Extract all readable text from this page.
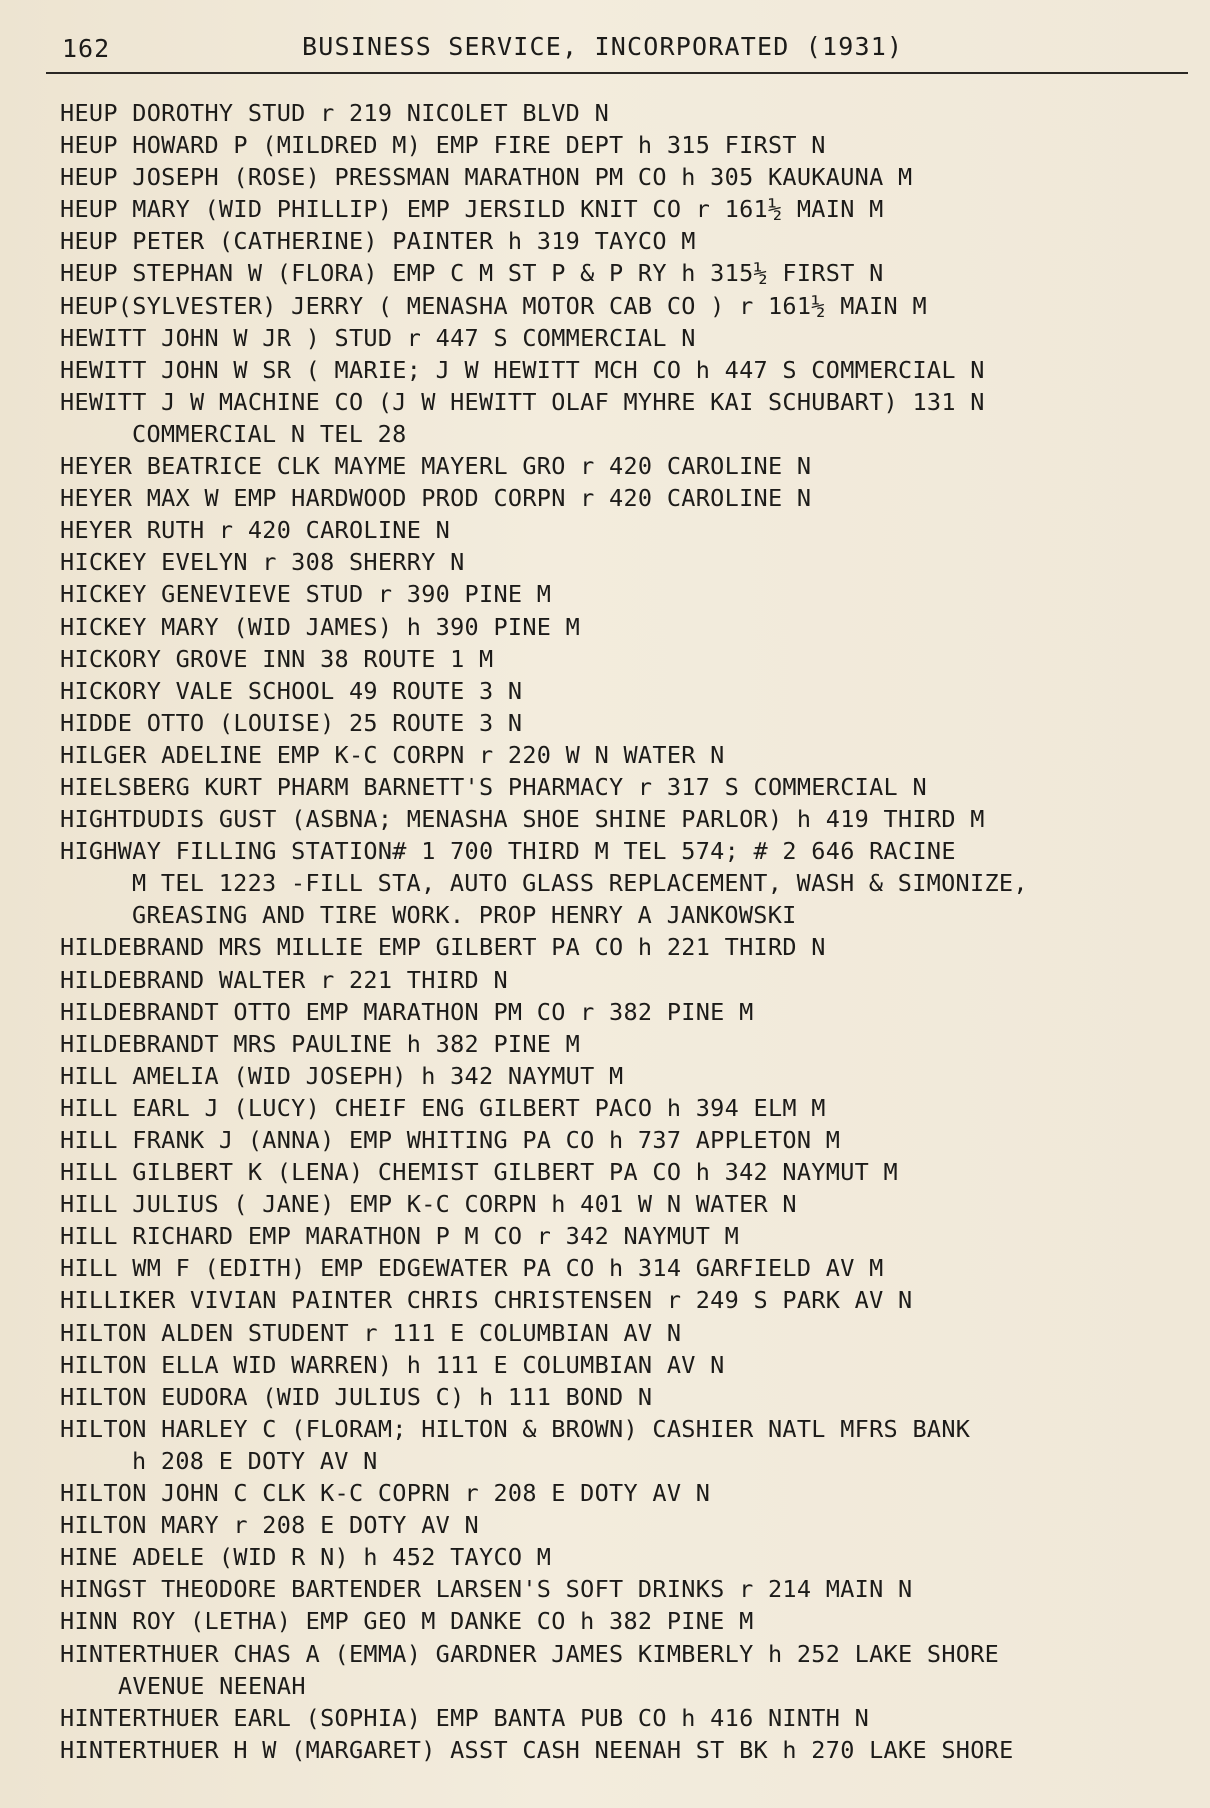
162	BUSINESS SERVICE, INCORPORATED (1931)
HEUP DOROTHY STUD r 219 NICOLET BLVD N
HEUP HOWARD P (MILDRED M) EMP FIRE DEPT h 315 FIRST N
HEUP JOSEPH (ROSE) PRESSMAN MARATHON PM CO h 305 KAUKAUNA M
HEUP MARY (WID PHILLIP) EMP JERSILD KNIT CO r 161½ MAIN M
HEUP PETER (CATHERINE) PAINTER h 319 TAYCO M
HEUP STEPHAN W (FLORA) EMP C M ST P & P RY h 315½ FIRST N
HEUP(SYLVESTER) JERRY ( MENASHA MOTOR CAB CO ) r 161½ MAIN M
HEWITT JOHN W JR ) STUD r 447 S COMMERCIAL N
HEWITT JOHN W SR ( MARIE; J W HEWITT MCH CO h 447 S COMMERCIAL N
HEWITT J W MACHINE CO (J W HEWITT OLAF MYHRE KAI SCHUBART) 131 N
COMMERCIAL N TEL 28
HEYER BEATRICE CLK MAYME MAYERL GRO r 420 CAROLINE N
HEYER MAX W EMP HARDWOOD PROD CORPN r 420 CAROLINE N
HEYER RUTH r 420 CAROLINE N
HICKEY EVELYN r 308 SHERRY N
HICKEY GENEVIEVE STUD r 390 PINE M
HICKEY MARY (WID JAMES) h 390 PINE M
HICKORY GROVE INN 38 ROUTE 1 M
HICKORY VALE SCHOOL 49 ROUTE 3 N
HIDDE OTTO (LOUISE) 25 ROUTE 3 N
HILGER ADELINE EMP K-C CORPN r 220 W N WATER N
HIELSBERG KURT PHARM BARNETT'S PHARMACY r 317 S COMMERCIAL N
HIGHTDUDIS GUST (ASBNA; MENASHA SHOE SHINE PARLOR) h 419 THIRD M
HIGHWAY FILLING STATION# 1 700 THIRD M TEL 574; # 2 646 RACINE
M TEL 1223 -FILL STA, AUTO GLASS REPLACEMENT, WASH & SIMONIZE,
GREASING AND TIRE WORK. PROP HENRY A JANKOWSKI
HILDEBRAND MRS MILLIE EMP GILBERT PA CO h 221 THIRD N
HILDEBRAND WALTER r 221 THIRD N
HILDEBRANDT OTTO EMP MARATHON PM CO r 382 PINE M
HILDEBRANDT MRS PAULINE h 382 PINE M
HILL AMELIA (WID JOSEPH) h 342 NAYMUT M
HILL EARL J (LUCY) CHEIF ENG GILBERT PACO h 394 ELM M
HILL FRANK J (ANNA) EMP WHITING PA CO h 737 APPLETON M
HILL GILBERT K (LENA) CHEMIST GILBERT PA CO h 342 NAYMUT M
HILL JULIUS ( JANE) EMP K-C CORPN h 401 W N WATER N
HILL RICHARD EMP MARATHON P M CO r 342 NAYMUT M
HILL WM F (EDITH) EMP EDGEWATER PA CO h 314 GARFIELD AV M
HILLIKER VIVIAN PAINTER CHRIS CHRISTENSEN r 249 S PARK AV N
HILTON ALDEN STUDENT r 111 E COLUMBIAN AV N
HILTON ELLA WID WARREN) h 111 E COLUMBIAN AV N
HILTON EUDORA (WID JULIUS C) h 111 BOND N
HILTON HARLEY C (FLORAM; HILTON & BROWN) CASHIER NATL MFRS BANK
h 208 E DOTY AV N
HILTON JOHN C CLK K-C COPRN r 208 E DOTY AV N
HILTON MARY r 208 E DOTY AV N
HINE ADELE (WID R N) h 452 TAYCO M
HINGST THEODORE BARTENDER LARSEN'S SOFT DRINKS r 214 MAIN N
HINN ROY (LETHA) EMP GEO M DANKE CO h 382 PINE M
HINTERTHUER CHAS A (EMMA) GARDNER JAMES KIMBERLY h 252 LAKE SHORE
AVENUE NEENAH
HINTERTHUER EARL (SOPHIA) EMP BANTA PUB CO h 416 NINTH N
HINTERTHUER H W (MARGARET) ASST CASH NEENAH ST BK h 270 LAKE SHORE
